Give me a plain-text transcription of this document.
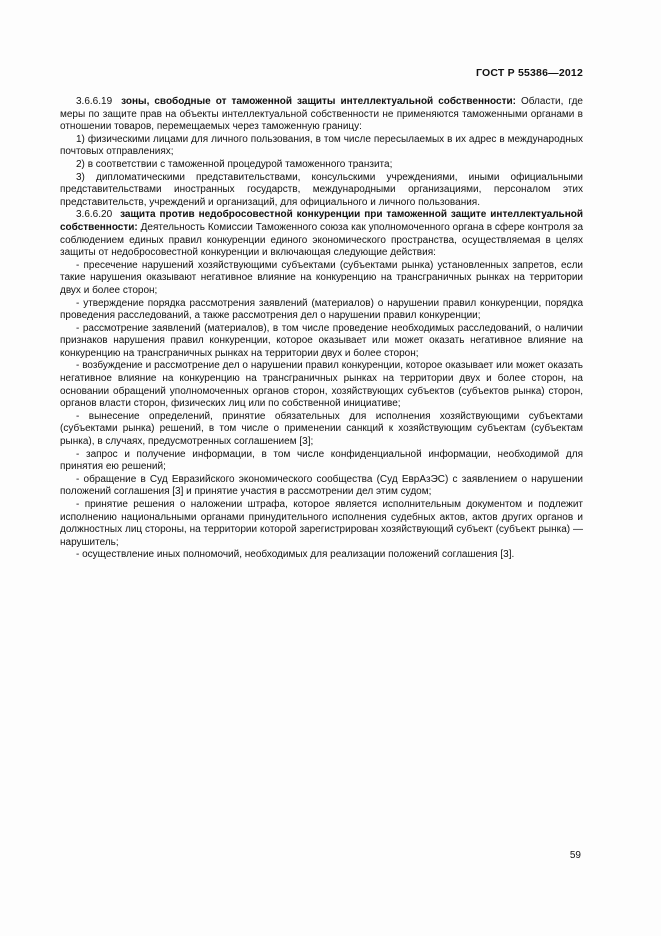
ГОСТ Р 55386—2012

3.6.6.19 зоны, свободные от таможенной защиты интеллектуальной собственности: Области, где меры по защите прав на объекты интеллектуальной собственности не применяются таможенными органами в отношении товаров, перемещаемых через таможенную границу:

1) физическими лицами для личного пользования, в том числе пересылаемых в их адрес в международных почтовых отправлениях;

2) в соответствии с таможенной процедурой таможенного транзита;

3) дипломатическими представительствами, консульскими учреждениями, иными официальными представительствами иностранных государств, международными организациями, персоналом этих представительств, учреждений и организаций, для официального и личного пользования.

3.6.6.20 защита против недобросовестной конкуренции при таможенной защите интеллектуальной собственности: Деятельность Комиссии Таможенного союза как уполномоченного органа в сфере контроля за соблюдением единых правил конкуренции единого экономического пространства, осуществляемая в целях защиты от недобросовестной конкуренции и включающая следующие действия:

- пресечение нарушений хозяйствующими субъектами (субъектами рынка) установленных запретов, если такие нарушения оказывают негативное влияние на конкуренцию на трансграничных рынках на территории двух и более сторон;

- утверждение порядка рассмотрения заявлений (материалов) о нарушении правил конкуренции, порядка проведения расследований, а также рассмотрения дел о нарушении правил конкуренции;

- рассмотрение заявлений (материалов), в том числе проведение необходимых расследований, о наличии признаков нарушения правил конкуренции, которое оказывает или может оказать негативное влияние на конкуренцию на трансграничных рынках на территории двух и более сторон;

- возбуждение и рассмотрение дел о нарушении правил конкуренции, которое оказывает или может оказать негативное влияние на конкуренцию на трансграничных рынках на территории двух и более сторон, на основании обращений уполномоченных органов сторон, хозяйствующих субъектов (субъектов рынка) сторон, органов власти сторон, физических лиц или по собственной инициативе;

- вынесение определений, принятие обязательных для исполнения хозяйствующими субъектами (субъектами рынка) решений, в том числе о применении санкций к хозяйствующим субъектам (субъектам рынка), в случаях, предусмотренных соглашением [3];

- запрос и получение информации, в том числе конфиденциальной информации, необходимой для принятия ею решений;

- обращение в Суд Евразийского экономического сообщества (Суд ЕврАзЭС) с заявлением о нарушении положений соглашения [3] и принятие участия в рассмотрении дел этим судом;

- принятие решения о наложении штрафа, которое является исполнительным документом и подлежит исполнению национальными органами принудительного исполнения судебных актов, актов других органов и должностных лиц стороны, на территории которой зарегистрирован хозяйствующий субъект (субъект рынка) — нарушитель;

- осуществление иных полномочий, необходимых для реализации положений соглашения [3].

59
